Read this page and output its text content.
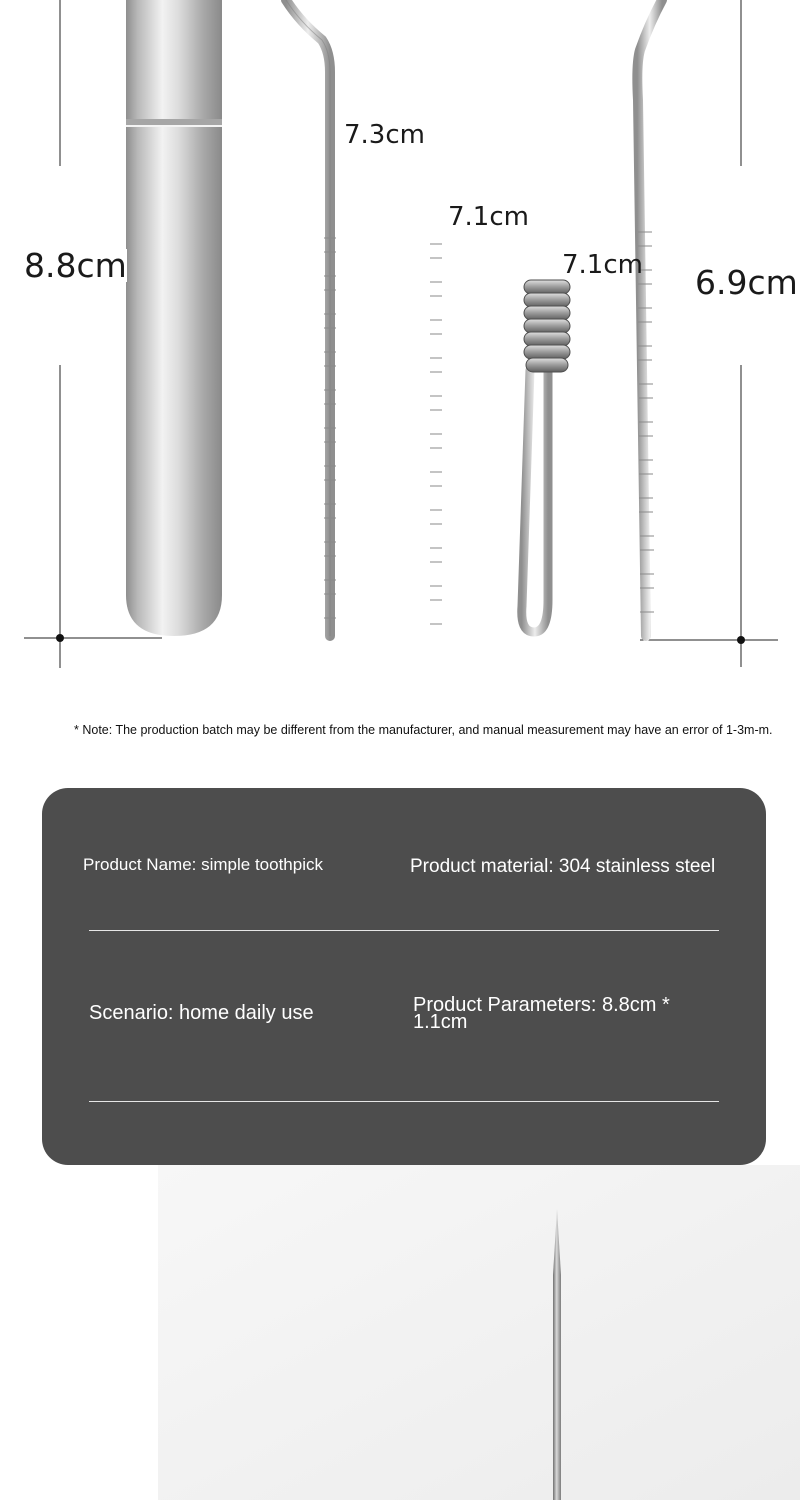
8.8cm
7.3cm
7.1cm
7.1cm 6.9cm
* Note: The production batch may be different from the manufacturer, and manual measurement may have an error of 1-3m-m.
Product Name: simple toothpick	Product material: 304 stainless steel
Scenario: home daily use	Product Parameters: 8.8cm *
1.1cm
